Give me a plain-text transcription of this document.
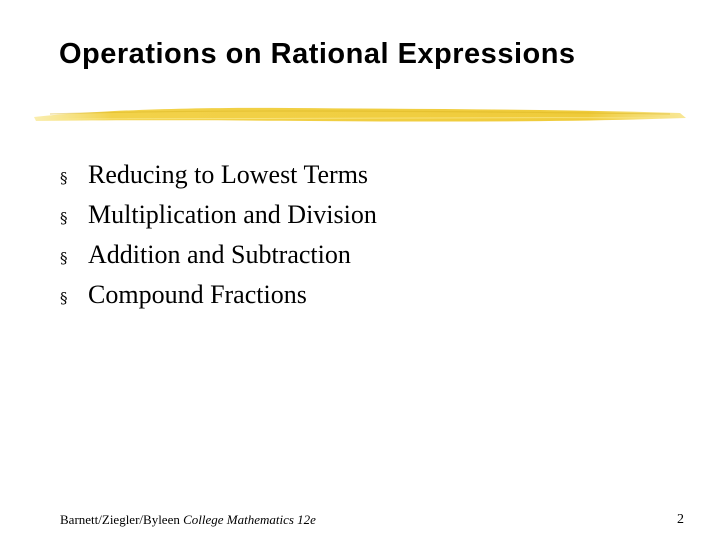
Operations on Rational Expressions
§ Reducing to Lowest Terms
§ Multiplication and Division
§ Addition and Subtraction
§ Compound Fractions
Barnett/Ziegler/Byleen College Mathematics 12e	2
